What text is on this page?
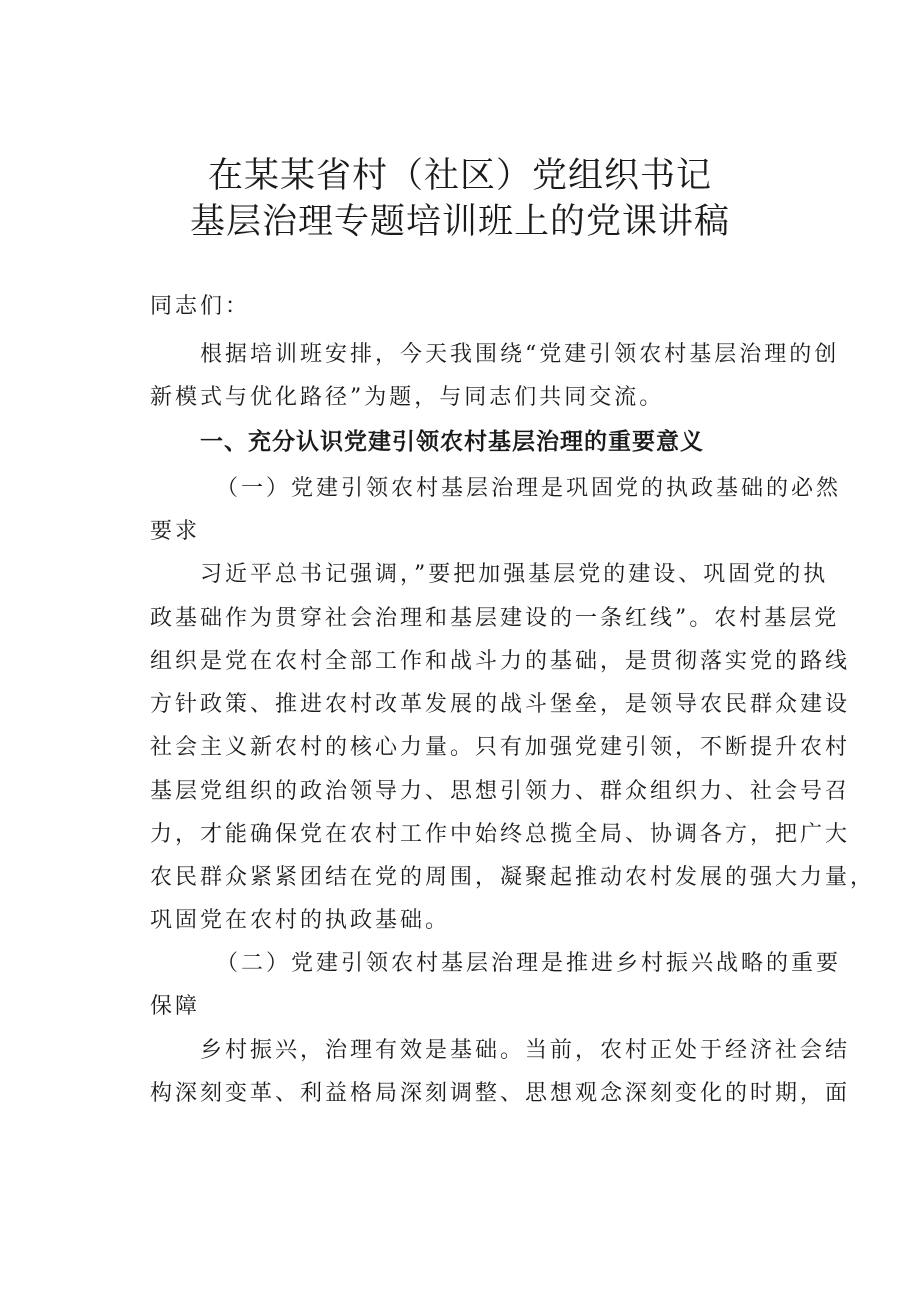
在某某省村（社区）党组织书记
基层治理专题培训班上的党课讲稿
同志们：
根据培训班安排，今天我围绕“党建引领农村基层治理的创
新模式与优化路径”为题，与同志们共同交流。
一、充分认识党建引领农村基层治理的重要意义
（一）党建引领农村基层治理是巩固党的执政基础的必然
要求
习近平总书记强调，”要把加强基层党的建设、巩固党的执
政基础作为贯穿社会治理和基层建设的一条红线”。农村基层党
组织是党在农村全部工作和战斗力的基础，是贯彻落实党的路线
方针政策、推进农村改革发展的战斗堡垒，是领导农民群众建设
社会主义新农村的核心力量。只有加强党建引领，不断提升农村
基层党组织的政治领导力、思想引领力、群众组织力、社会号召
力，才能确保党在农村工作中始终总揽全局、协调各方，把广大
农民群众紧紧团结在党的周围，凝聚起推动农村发展的强大力量，
巩固党在农村的执政基础。
（二）党建引领农村基层治理是推进乡村振兴战略的重要
保障
乡村振兴，治理有效是基础。当前，农村正处于经济社会结
构深刻变革、利益格局深刻调整、思想观念深刻变化的时期，面
